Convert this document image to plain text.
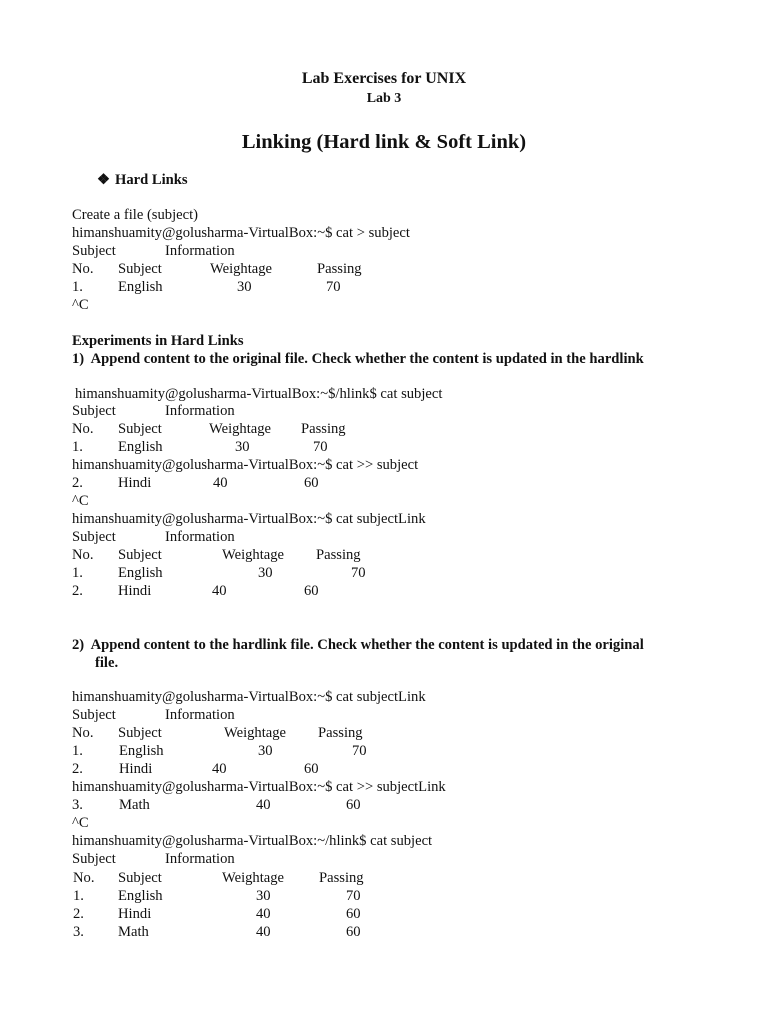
Lab Exercises for UNIX
Lab 3
Linking (Hard link & Soft Link)
❖ Hard Links
Create a file (subject)
himanshuamity@golusharma-VirtualBox:~$ cat > subject
Subject	Information
No. Subject	Weightage	Passing
1. English	30	70
^C
Experiments in Hard Links
1)  Append content to the original file. Check whether the content is updated in the hardlink
himanshuamity@golusharma-VirtualBox:~$/hlink$ cat subject
Subject	Information
No. Subject	Weightage Passing
1. English	30	70
himanshuamity@golusharma-VirtualBox:~$ cat >> subject
2. Hindi	40	60
^C
himanshuamity@golusharma-VirtualBox:~$ cat subjectLink
Subject	Information
No. Subject	Weightage Passing
1. English	30	70
2. Hindi	40	60
2)  Append content to the hardlink file. Check whether the content is updated in the original
file.
himanshuamity@golusharma-VirtualBox:~$ cat subjectLink
Subject	Information
No. Subject	Weightage Passing
1. English	30	70
2. Hindi	40	60
himanshuamity@golusharma-VirtualBox:~$ cat >> subjectLink
3. Math	40	60
^C
himanshuamity@golusharma-VirtualBox:~/hlink$ cat subject
Subject	Information
No. Subject	Weightage Passing
1. English	30	70
2. Hindi	40	60
3. Math	40	60
